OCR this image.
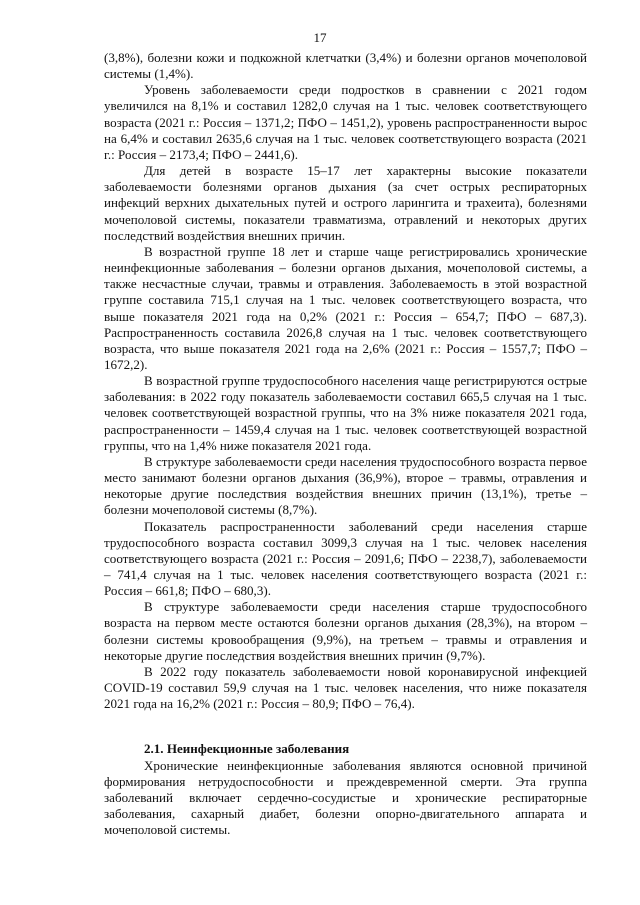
17

(3,8%), болезни кожи и подкожной клетчатки (3,4%) и болезни органов мочеполовой системы (1,4%).

Уровень заболеваемости среди подростков в сравнении с 2021 годом увеличился на 8,1% и составил 1282,0 случая на 1 тыс. человек соответствующего возраста (2021 г.: Россия – 1371,2; ПФО – 1451,2), уровень распространенности вырос на 6,4% и составил 2635,6 случая на 1 тыс. человек соответствующего возраста (2021 г.: Россия – 2173,4; ПФО – 2441,6).

Для детей в возрасте 15–17 лет характерны высокие показатели заболеваемости болезнями органов дыхания (за счет острых респираторных инфекций верхних дыхательных путей и острого ларингита и трахеита), болезнями мочеполовой системы, показатели травматизма, отравлений и некоторых других последствий воздействия внешних причин.

В возрастной группе 18 лет и старше чаще регистрировались хронические неинфекционные заболевания – болезни органов дыхания, мочеполовой системы, а также несчастные случаи, травмы и отравления. Заболеваемость в этой возрастной группе составила 715,1 случая на 1 тыс. человек соответствующего возраста, что выше показателя 2021 года на 0,2% (2021 г.: Россия – 654,7; ПФО – 687,3). Распространенность составила 2026,8 случая на 1 тыс. человек соответствующего возраста, что выше показателя 2021 года на 2,6% (2021 г.: Россия – 1557,7; ПФО – 1672,2).

В возрастной группе трудоспособного населения чаще регистрируются острые заболевания: в 2022 году показатель заболеваемости составил 665,5 случая на 1 тыс. человек соответствующей возрастной группы, что на 3% ниже показателя 2021 года, распространенности – 1459,4 случая на 1 тыс. человек соответствующей возрастной группы, что на 1,4% ниже показателя 2021 года.

В структуре заболеваемости среди населения трудоспособного возраста первое место занимают болезни органов дыхания (36,9%), второе – травмы, отравления и некоторые другие последствия воздействия внешних причин (13,1%), третье – болезни мочеполовой системы (8,7%).

Показатель распространенности заболеваний среди населения старше трудоспособного возраста составил 3099,3 случая на 1 тыс. человек населения соответствующего возраста (2021 г.: Россия – 2091,6; ПФО – 2238,7), заболеваемости – 741,4 случая на 1 тыс. человек населения соответствующего возраста (2021 г.: Россия – 661,8; ПФО – 680,3).

В структуре заболеваемости среди населения старше трудоспособного возраста на первом месте остаются болезни органов дыхания (28,3%), на втором – болезни системы кровообращения (9,9%), на третьем – травмы и отравления и некоторые другие последствия воздействия внешних причин (9,7%).

В 2022 году показатель заболеваемости новой коронавирусной инфекцией COVID-19 составил 59,9 случая на 1 тыс. человек населения, что ниже показателя 2021 года на 16,2% (2021 г.: Россия – 80,9; ПФО – 76,4).

2.1. Неинфекционные заболевания

Хронические неинфекционные заболевания являются основной причиной формирования нетрудоспособности и преждевременной смерти. Эта группа заболеваний включает сердечно-сосудистые и хронические респираторные заболевания, сахарный диабет, болезни опорно-двигательного аппарата и мочеполовой системы.
